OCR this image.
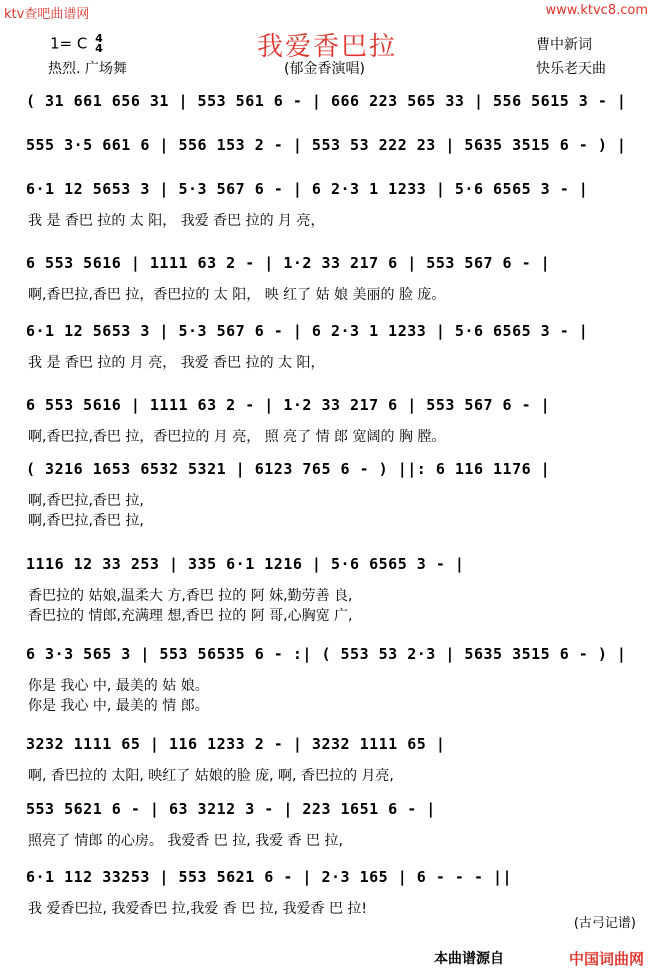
ktv查吧曲谱网	www.ktvc8.com
我爱香巴拉
1= C 4
4
热烈. 广场舞	(郁金香演唱)
曹中新词
快乐老天曲
( 31 661 656 31 | 553 561 6 - | 666 223 565 33 | 556 5615 3 - |
555 3·5 661 6 | 556 153 2 - | 553 53 222 23 | 5635 3515 6 - ) |
6·1 12 5653 3 | 5·3 567 6 - | 6 2·3 1 1233 | 5·6 6565 3 - |
我 是 香巴 拉的 太 阳， 我爱 香巴 拉的 月 亮，
6 553 5616 | 1111 63 2 - | 1·2 33 217 6 | 553 567 6 - |
啊,香巴拉,香巴 拉，香巴拉的 太 阳， 映 红了 姑 娘 美丽的 脸 庞。
6·1 12 5653 3 | 5·3 567 6 - | 6 2·3 1 1233 | 5·6 6565 3 - |
我 是 香巴 拉的 月 亮， 我爱 香巴 拉的 太 阳，
6 553 5616 | 1111 63 2 - | 1·2 33 217 6 | 553 567 6 - |
啊,香巴拉,香巴 拉，香巴拉的 月 亮， 照 亮了 情 郎 宽阔的 胸 膛。
( 3216 1653 6532 5321 | 6123 765 6 - ) ||: 6 116 1176 |
啊,香巴拉,香巴 拉,
啊,香巴拉,香巴 拉,
1116 12 33 253 | 335 6·1 1216 | 5·6 6565 3 - |
香巴拉的 姑娘,温柔大 方,香巴 拉的 阿 妹,勤劳善 良,
香巴拉的 情郎,充满理 想,香巴 拉的 阿 哥,心胸宽 广,
6 3·3 565 3 | 553 56535 6 - :| ( 553 53 2·3 | 5635 3515 6 - ) |
你是 我心 中, 最美的 姑 娘。
你是 我心 中, 最美的 情 郎。
3232 1111 65 | 116 1233 2 - | 3232 1111 65 |
啊, 香巴拉的 太阳, 映红了 姑娘的脸 庞, 啊, 香巴拉的 月亮,
553 5621 6 - | 63 3212 3 - | 223 1651 6 - |
照亮了 情郎 的心房。 我爱香 巴 拉, 我爱 香 巴 拉,
6·1 112 33253 | 553 5621 6 - | 2·3 165 | 6 - - - ||
我 爱香巴拉, 我爱香巴 拉,我爱 香 巴 拉, 我爱香 巴 拉!
(古弓记谱)
本曲谱源自	中国词曲网
